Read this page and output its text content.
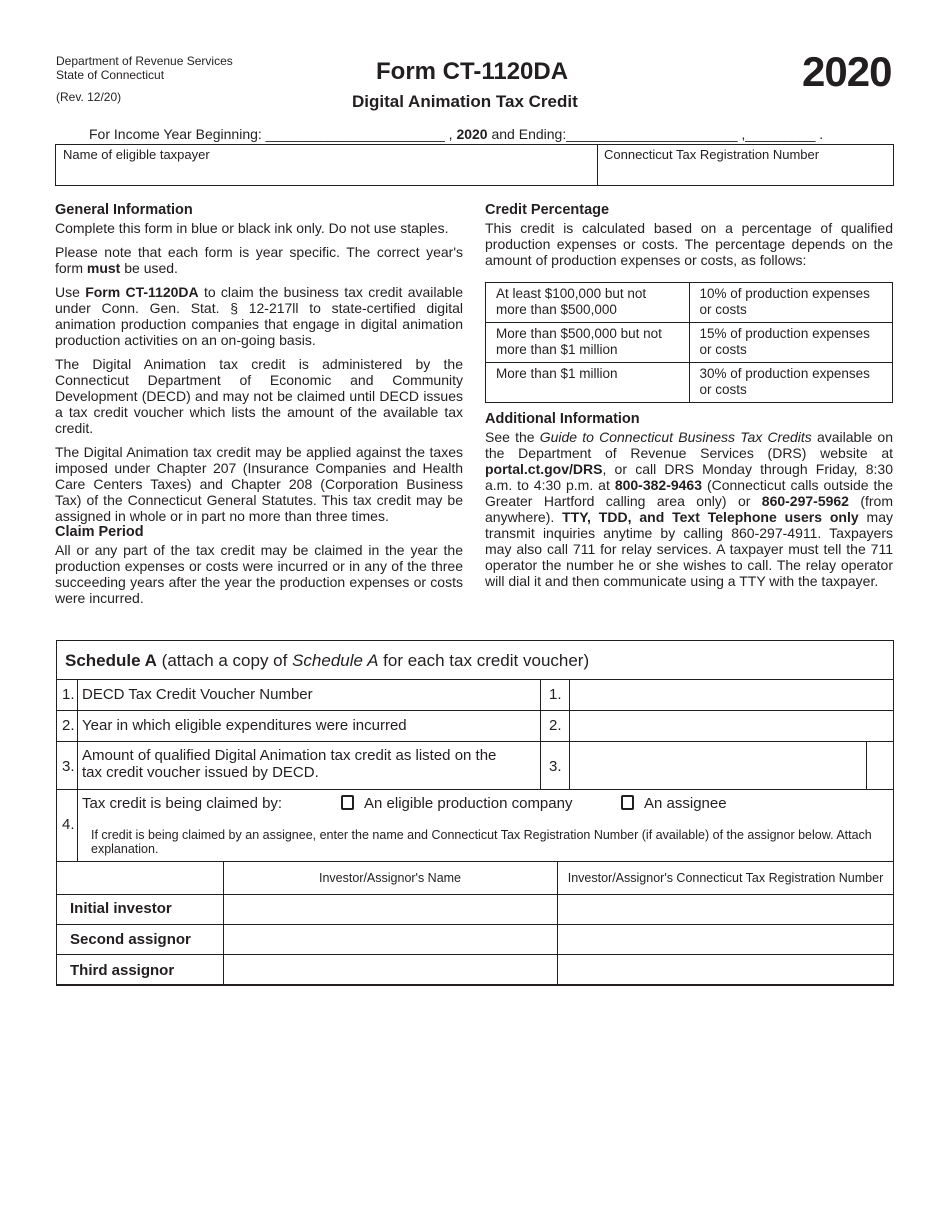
Department of Revenue Services
State of Connecticut
(Rev. 12/20)
Form CT-1120DA
Digital Animation Tax Credit
2020
For Income Year Beginning: _______________________ , 2020 and Ending:______________________ ,_________ .
Name of eligible taxpayer	Connecticut Tax Registration Number
General Information

Complete this form in blue or black ink only. Do not use staples.

Please note that each form is year specific. The correct year's form must be used.

Use Form CT-1120DA to claim the business tax credit available under Conn. Gen. Stat. § 12-217ll to state-certified digital animation production companies that engage in digital animation production activities on an on-going basis.

The Digital Animation tax credit is administered by the Connecticut Department of Economic and Community Development (DECD) and may not be claimed until DECD issues a tax credit voucher which lists the amount of the available tax credit.

The Digital Animation tax credit may be applied against the taxes imposed under Chapter 207 (Insurance Companies and Health Care Centers Taxes) and Chapter 208 (Corporation Business Tax) of the Connecticut General Statutes. This tax credit may be assigned in whole or in part no more than three times.

Claim Period

All or any part of the tax credit may be claimed in the year the production expenses or costs were incurred or in any of the three succeeding years after the year the production expenses or costs were incurred.

Credit Percentage

This credit is calculated based on a percentage of qualified production expenses or costs. The percentage depends on the amount of production expenses or costs, as follows:

At least $100,000 but not more than $500,000	10% of production expenses or costs
More than $500,000 but not more than $1 million	15% of production expenses or costs
More than $1 million	30% of production expenses or costs
Additional Information

See the Guide to Connecticut Business Tax Credits available on the Department of Revenue Services (DRS) website at portal.ct.gov/DRS, or call DRS Monday through Friday, 8:30 a.m. to 4:30 p.m. at 800-382-9463 (Connecticut calls outside the Greater Hartford calling area only) or 860-297-5962 (from anywhere). TTY, TDD, and Text Telephone users only may transmit inquiries anytime by calling 860-297-4911. Taxpayers may also call 711 for relay services. A taxpayer must tell the 711 operator the number he or she wishes to call. The relay operator will dial it and then communicate using a TTY with the taxpayer.

Schedule A (attach a copy of Schedule A for each tax credit voucher)
1. DECD Tax Credit Voucher Number	1.
2. Year in which eligible expenditures were incurred	2.
3.
Amount of qualified Digital Animation tax credit as listed on the tax credit voucher issued by DECD.	3.
4.
Tax credit is being claimed by:	An eligible production company	An assignee
If credit is being claimed by an assignee, enter the name and Connecticut Tax Registration Number (if available) of the assignor below. Attach explanation.
Investor/Assignor's Name	Investor/Assignor's Connecticut Tax Registration Number
Initial investor
Second assignor
Third assignor
